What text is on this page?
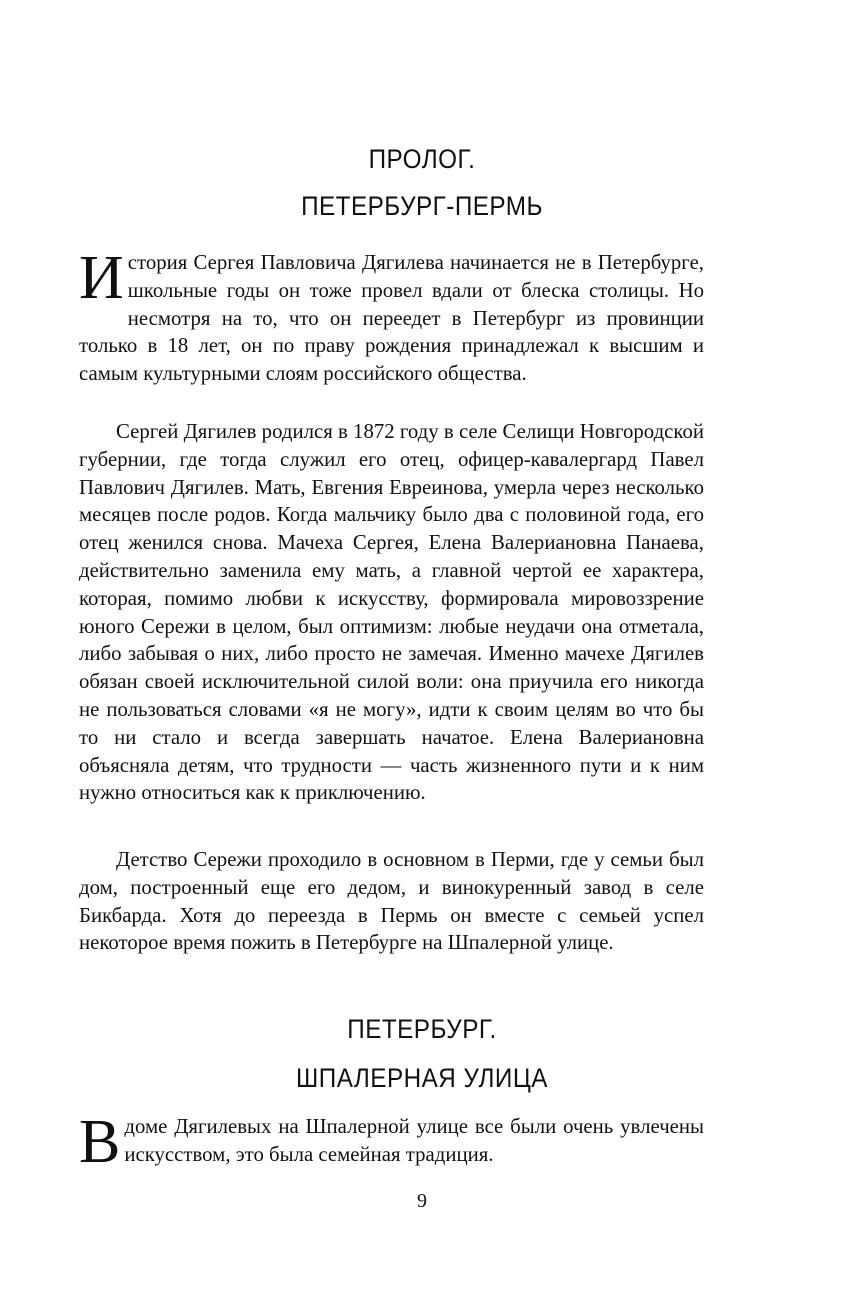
ПРОЛОГ.
ПЕТЕРБУРГ-ПЕРМЬ

История Сергея Павловича Дягилева начинается не в Петербурге, школьные годы он тоже провел вдали от блеска столицы. Но несмотря на то, что он переедет в Петербург из провинции только в 18 лет, он по праву рождения принадлежал к высшим и самым культурными слоям российского общества.

Сергей Дягилев родился в 1872 году в селе Селищи Новгородской губернии, где тогда служил его отец, офицер-кавалергард Павел Павлович Дягилев. Мать, Евгения Евреинова, умерла через несколько месяцев после родов. Когда мальчику было два с половиной года, его отец женился снова. Мачеха Сергея, Елена Валериановна Панаева, действительно заменила ему мать, а главной чертой ее характера, которая, помимо любви к искусству, формировала мировоззрение юного Сережи в целом, был оптимизм: любые неудачи она отметала, либо забывая о них, либо просто не замечая. Именно мачехе Дягилев обязан своей исключительной силой воли: она приучила его никогда не пользоваться словами «я не могу», идти к своим целям во что бы то ни стало и всегда завершать начатое. Елена Валериановна объясняла детям, что трудности — часть жизненного пути и к ним нужно относиться как к приключению.

Детство Сережи проходило в основном в Перми, где у семьи был дом, построенный еще его дедом, и винокуренный завод в селе Бикбарда. Хотя до переезда в Пермь он вместе с семьей успел некоторое время пожить в Петербурге на Шпалерной улице.

ПЕТЕРБУРГ.
ШПАЛЕРНАЯ УЛИЦА

Вдоме Дягилевых на Шпалерной улице все были очень увлечены искусством, это была семейная традиция.

9
